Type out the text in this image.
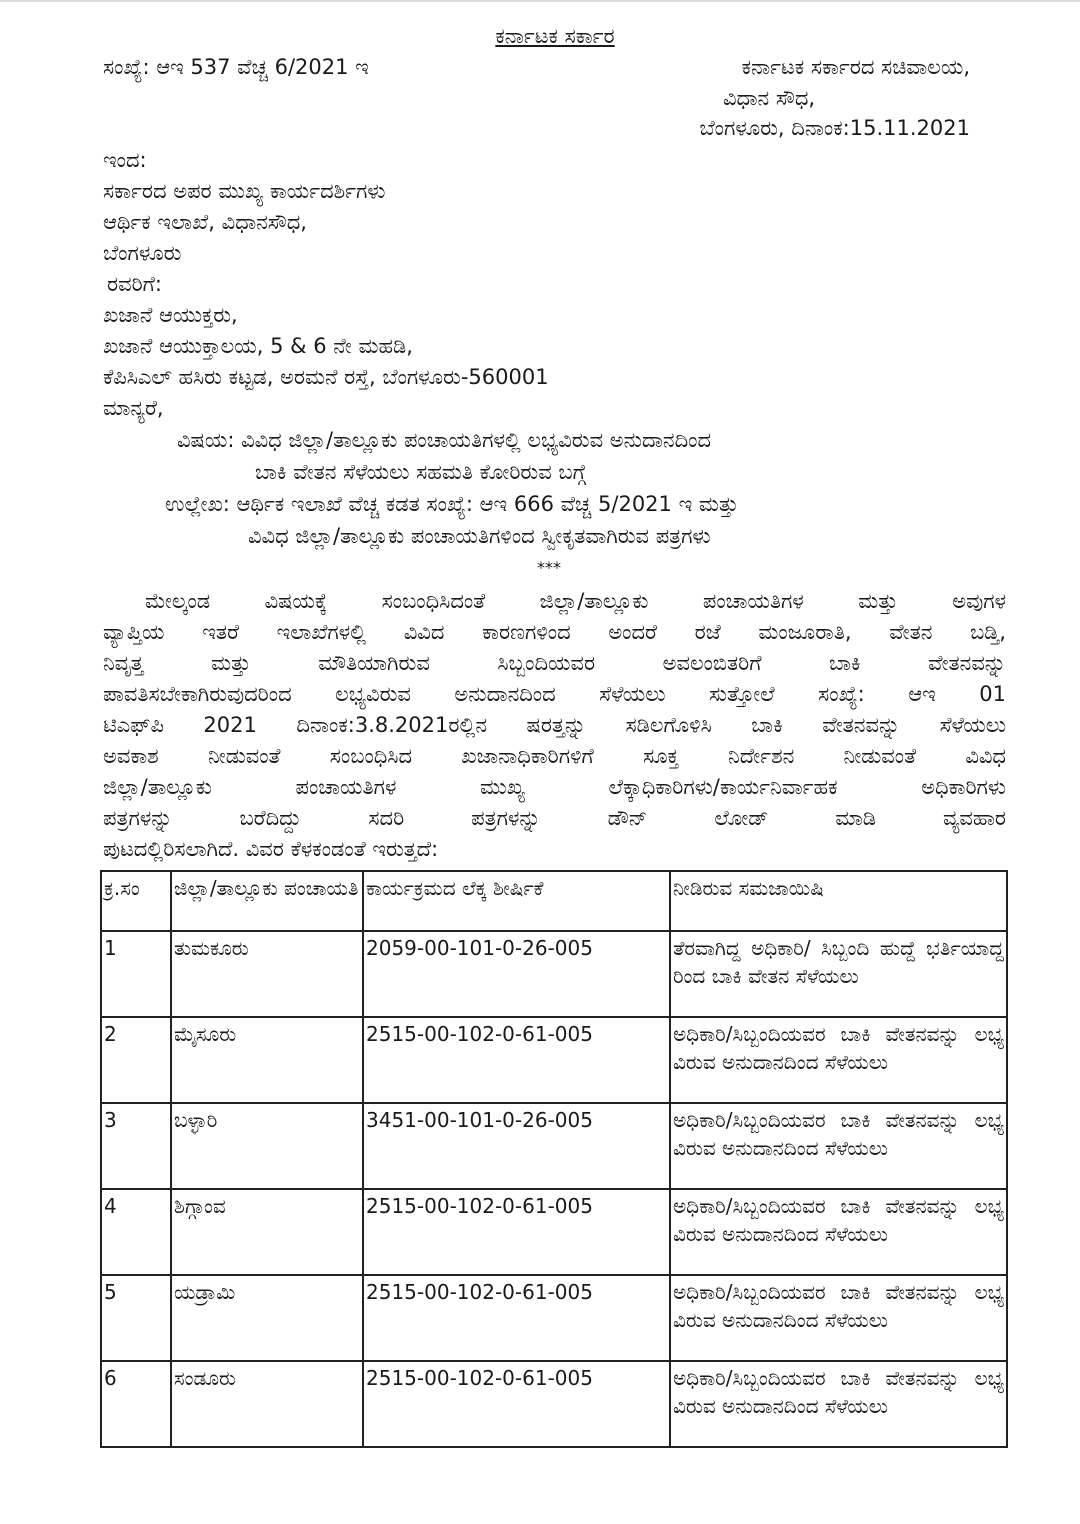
ಕರ್ನಾಟಕ ಸರ್ಕಾರ
ಸಂಖ್ಯೆ: ಆಇ 537 ವೆಚ್ಚ 6/2021 ಇ	ಕರ್ನಾಟಕ ಸರ್ಕಾರದ ಸಚಿವಾಲಯ,
ವಿಧಾನ ಸೌಧ,
ಬೆಂಗಳೂರು, ದಿನಾಂಕ:15.11.2021
ಇಂದ:
ಸರ್ಕಾರದ ಅಪರ ಮುಖ್ಯ ಕಾರ್ಯದರ್ಶಿಗಳು
ಆರ್ಥಿಕ ಇಲಾಖೆ, ವಿಧಾನಸೌಧ,
ಬೆಂಗಳೂರು
ರವರಿಗೆ:
ಖಜಾನೆ ಆಯುಕ್ತರು,
ಖಜಾನೆ ಆಯುಕ್ತಾಲಯ, 5 & 6 ನೇ ಮಹಡಿ,
ಕೆಪಿಸಿಎಲ್ ಹಸಿರು ಕಟ್ಟಡ, ಅರಮನೆ ರಸ್ತೆ, ಬೆಂಗಳೂರು-560001
ಮಾನ್ಯರೆ,
ವಿಷಯ: ವಿವಿಧ ಜಿಲ್ಲಾ/ತಾಲ್ಲೂಕು ಪಂಚಾಯತಿಗಳಲ್ಲಿ ಲಭ್ಯವಿರುವ ಅನುದಾನದಿಂದ
ಬಾಕಿ ವೇತನ ಸೆಳೆಯಲು ಸಹಮತಿ ಕೋರಿರುವ ಬಗ್ಗೆ
ಉಲ್ಲೇಖ: ಆರ್ಥಿಕ ಇಲಾಖೆ ವೆಚ್ಚ ಕಡತ ಸಂಖ್ಯೆ: ಆಇ 666 ವೆಚ್ಚ 5/2021 ಇ ಮತ್ತು
ವಿವಿಧ ಜಿಲ್ಲಾ/ತಾಲ್ಲೂಕು ಪಂಚಾಯತಿಗಳಿಂದ ಸ್ವೀಕೃತವಾಗಿರುವ ಪತ್ರಗಳು
***
ಮೇಲ್ಕಂಡ ವಿಷಯಕ್ಕೆ ಸಂಬಂಧಿಸಿದಂತೆ ಜಿಲ್ಲಾ/ತಾಲ್ಲೂಕು ಪಂಚಾಯತಿಗಳ ಮತ್ತು ಅವುಗಳ
ವ್ಯಾಪ್ತಿಯ ಇತರೆ ಇಲಾಖೆಗಳಲ್ಲಿ ವಿವಿದ ಕಾರಣಗಳಿಂದ ಅಂದರೆ ರಜೆ ಮಂಜೂರಾತಿ, ವೇತನ ಬಡ್ತಿ,
ನಿವೃತ್ತ ಮತ್ತು ಮೌತಿಯಾಗಿರುವ ಸಿಬ್ಬಂದಿಯವರ ಅವಲಂಬಿತರಿಗೆ ಬಾಕಿ ವೇತನವನ್ನು
ಪಾವತಿಸಬೇಕಾಗಿರುವುದರಿಂದ ಲಭ್ಯವಿರುವ ಅನುದಾನದಿಂದ ಸೆಳೆಯಲು ಸುತ್ತೋಲೆ ಸಂಖ್ಯೆ: ಆಇ 01
ಟಿಎಫ್‌ಪಿ 2021 ದಿನಾಂಕ:3.8.2021ರಲ್ಲಿನ ಷರತ್ತನ್ನು ಸಡಿಲಗೊಳಿಸಿ ಬಾಕಿ ವೇತನವನ್ನು ಸೆಳೆಯಲು
ಅವಕಾಶ ನೀಡುವಂತೆ ಸಂಬಂಧಿಸಿದ ಖಜಾನಾಧಿಕಾರಿಗಳಿಗೆ ಸೂಕ್ತ ನಿರ್ದೇಶನ ನೀಡುವಂತೆ ವಿವಿಧ
ಜಿಲ್ಲಾ/ತಾಲ್ಲೂಕು ಪಂಚಾಯತಿಗಳ ಮುಖ್ಯ ಲೆಕ್ಕಾಧಿಕಾರಿಗಳು/ಕಾರ್ಯನಿರ್ವಾಹಕ ಅಧಿಕಾರಿಗಳು
ಪತ್ರಗಳನ್ನು ಬರೆದಿದ್ದು ಸದರಿ ಪತ್ರಗಳನ್ನು ಡೌನ್ ಲೋಡ್ ಮಾಡಿ ವ್ಯವಹಾರ
ಪುಟದಲ್ಲಿರಿಸಲಾಗಿದೆ. ವಿವರ ಕೆಳಕಂಡಂತೆ ಇರುತ್ತದೆ:
ಕ್ರ.ಸಂ	ಜಿಲ್ಲಾ/ತಾಲ್ಲೂಕು ಪಂಚಾಯತಿ	ಕಾರ್ಯಕ್ರಮದ ಲೆಕ್ಕ ಶೀರ್ಷಿಕೆ	ನೀಡಿರುವ ಸಮಜಾಯಿಷಿ
1	ತುಮಕೂರು	2059-00-101-0-26-005	ತೆರವಾಗಿದ್ದ ಅಧಿಕಾರಿ/ ಸಿಬ್ಬಂದಿ ಹುದ್ದೆ ಭರ್ತಿಯಾದ್ದ ರಿಂದ ಬಾಕಿ ವೇತನ ಸೆಳೆಯಲು
2	ಮೈಸೂರು	2515-00-102-0-61-005	ಅಧಿಕಾರಿ/ಸಿಬ್ಬಂದಿಯವರ ಬಾಕಿ ವೇತನವನ್ನು ಲಭ್ಯ ವಿರುವ ಅನುದಾನದಿಂದ ಸೆಳೆಯಲು
3	ಬಳ್ಳಾರಿ	3451-00-101-0-26-005	ಅಧಿಕಾರಿ/ಸಿಬ್ಬಂದಿಯವರ ಬಾಕಿ ವೇತನವನ್ನು ಲಭ್ಯ ವಿರುವ ಅನುದಾನದಿಂದ ಸೆಳೆಯಲು
4	ಶಿಗ್ಗಾಂವ	2515-00-102-0-61-005	ಅಧಿಕಾರಿ/ಸಿಬ್ಬಂದಿಯವರ ಬಾಕಿ ವೇತನವನ್ನು ಲಭ್ಯ ವಿರುವ ಅನುದಾನದಿಂದ ಸೆಳೆಯಲು
5	ಯಡ್ರಾಮಿ	2515-00-102-0-61-005	ಅಧಿಕಾರಿ/ಸಿಬ್ಬಂದಿಯವರ ಬಾಕಿ ವೇತನವನ್ನು ಲಭ್ಯ ವಿರುವ ಅನುದಾನದಿಂದ ಸೆಳೆಯಲು
6	ಸಂಡೂರು	2515-00-102-0-61-005	ಅಧಿಕಾರಿ/ಸಿಬ್ಬಂದಿಯವರ ಬಾಕಿ ವೇತನವನ್ನು ಲಭ್ಯ ವಿರುವ ಅನುದಾನದಿಂದ ಸೆಳೆಯಲು
